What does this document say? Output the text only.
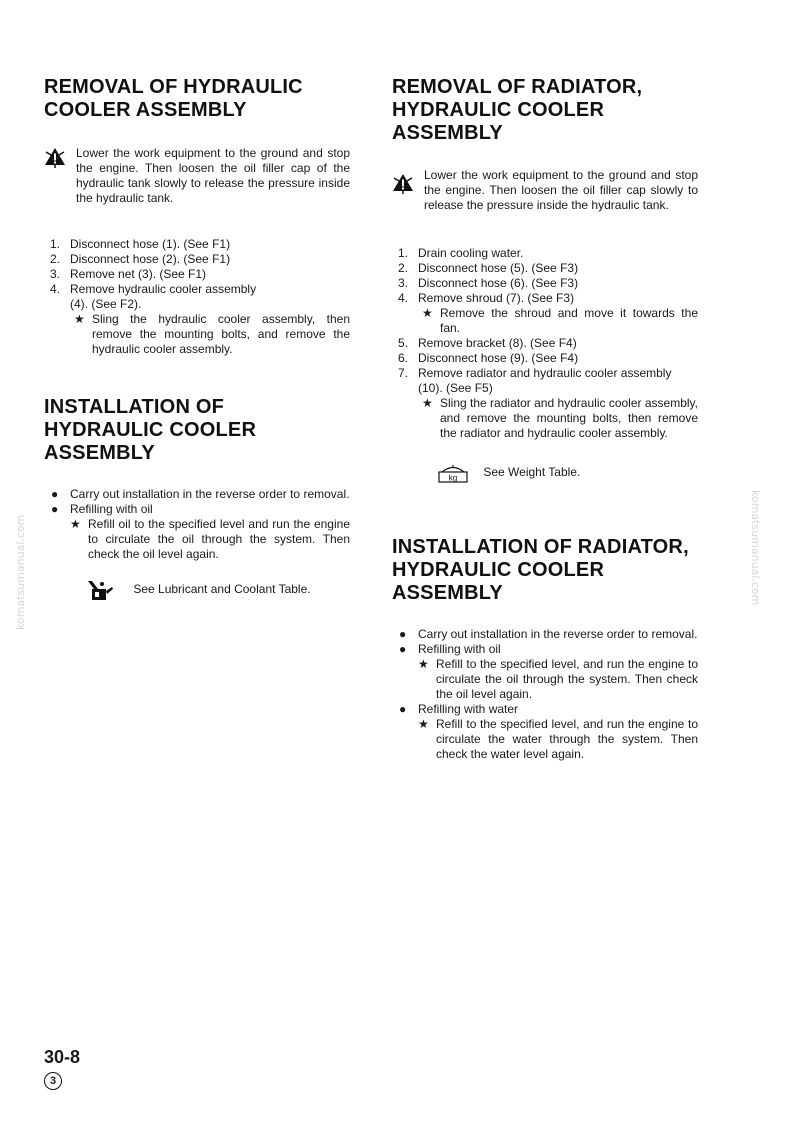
REMOVAL OF HYDRAULIC
COOLER ASSEMBLY
Lower the work equipment to the ground and stop the engine. Then loosen the oil filler cap of the hydraulic tank slowly to release the pressure inside the hydraulic tank.
1. Disconnect hose (1). (See F1)
2. Disconnect hose (2). (See F1)
3. Remove net (3). (See F1)
4. Remove hydraulic cooler assembly (4). (See F2).
★ Sling the hydraulic cooler assembly, then remove the mounting bolts, and remove the hydraulic cooler assembly.
INSTALLATION OF
HYDRAULIC COOLER
ASSEMBLY
● Carry out installation in the reverse order to removal.
● Refilling with oil
★ Refill oil to the specified level and run the engine to circulate the oil through the system. Then check the oil level again.
See Lubricant and Coolant Table.
REMOVAL OF RADIATOR,
HYDRAULIC COOLER
ASSEMBLY
Lower the work equipment to the ground and stop the engine. Then loosen the oil filler cap slowly to release the pressure inside the hydraulic tank.
1. Drain cooling water.
2. Disconnect hose (5). (See F3)
3. Disconnect hose (6). (See F3)
4. Remove shroud (7). (See F3)
★ Remove the shroud and move it towards the fan.
5. Remove bracket (8). (See F4)
6. Disconnect hose (9). (See F4)
7. Remove radiator and hydraulic cooler assembly (10). (See F5)
★ Sling the radiator and hydraulic cooler assembly, and remove the mounting bolts, then remove the radiator and hydraulic cooler assembly.
kg See Weight Table.
INSTALLATION OF RADIATOR,
HYDRAULIC COOLER
ASSEMBLY
● Carry out installation in the reverse order to removal.
● Refilling with oil
★ Refill to the specified level, and run the engine to circulate the oil through the system. Then check the oil level again.
● Refilling with water
★ Refill to the specified level, and run the engine to circulate the water through the system. Then check the water level again.
komatsumanual.com	komatsumanual.com
30-8
3
